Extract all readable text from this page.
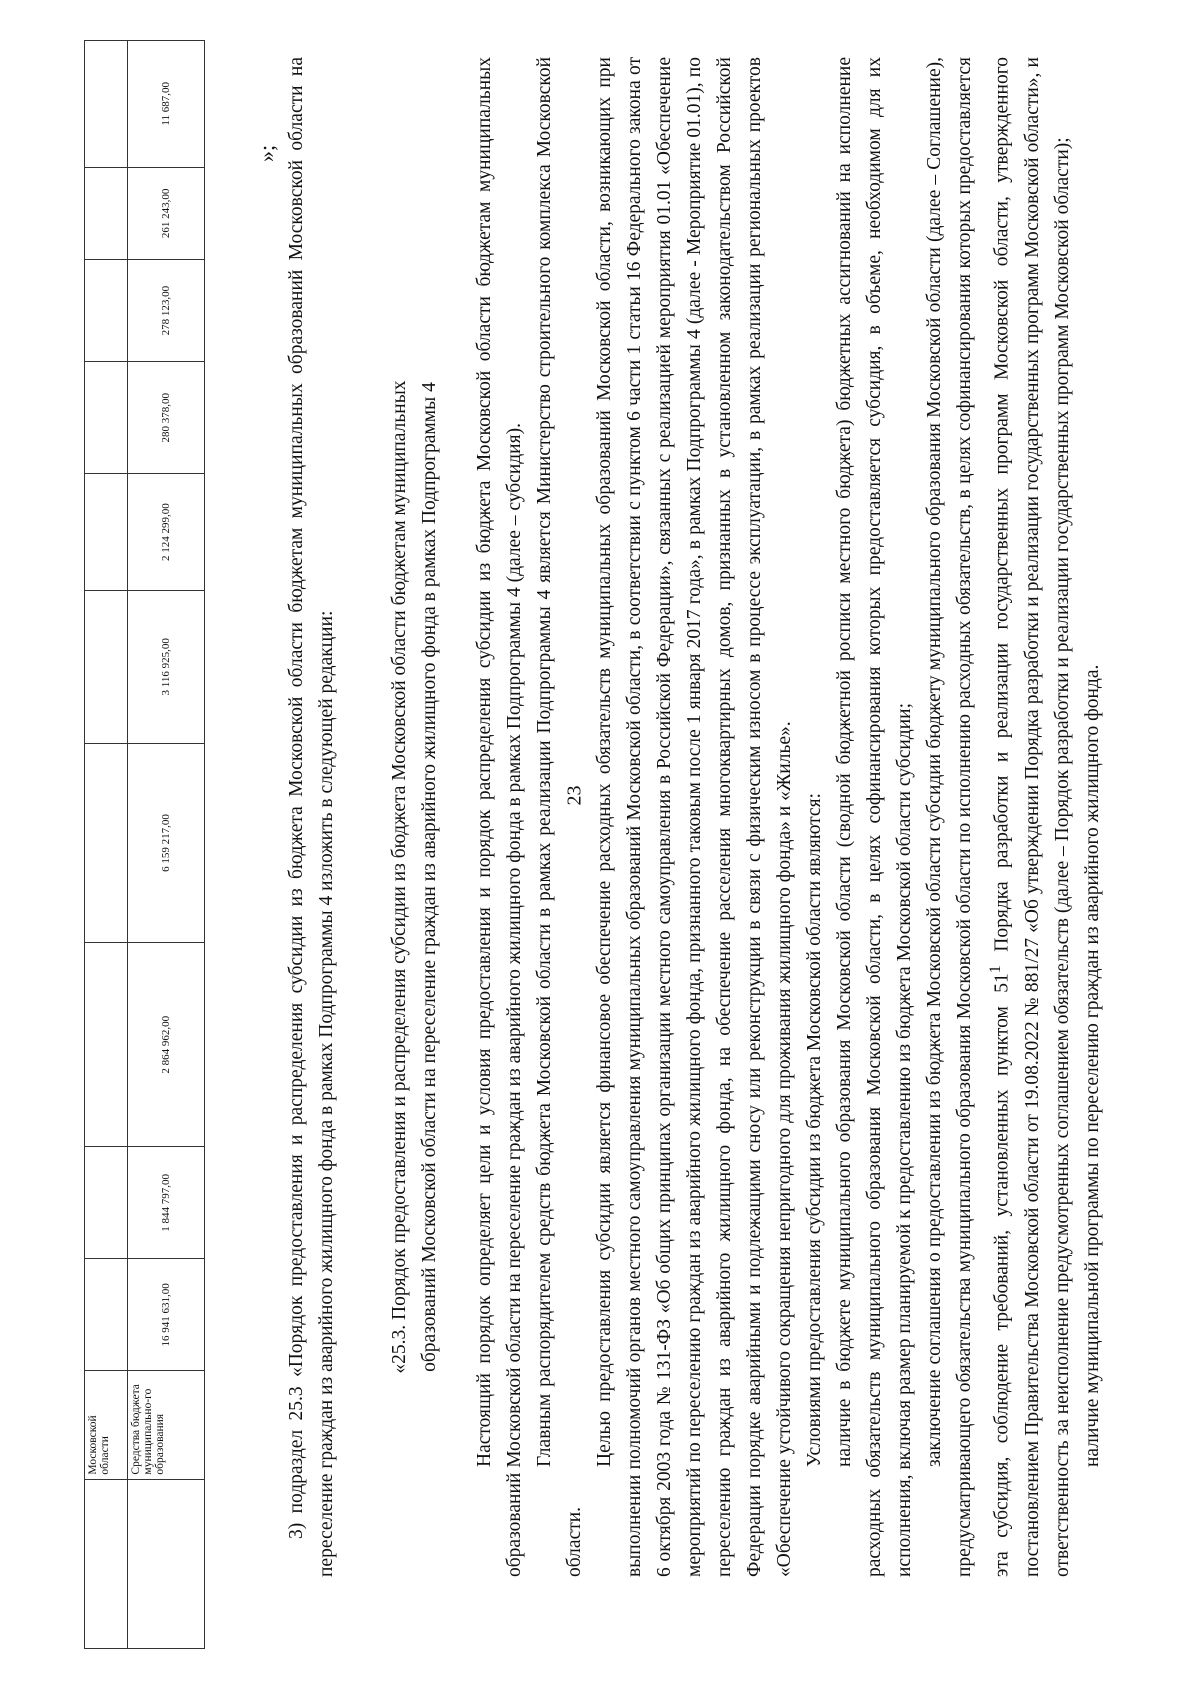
23
	Московской области										
	Средства бюджета муниципально-го образования	16 941 631,00	1 844 797,00	2 864 962,00	6 159 217,00	3 116 925,00	2 124 299,00	280 378,00	278 123,00	261 243,00	11 687,00
»; 3) подраздел 25.3 «Порядок предоставления и распределения субсидии из бюджета Московской области бюджетам муниципальных образований Московской области на переселение граждан из аварийного жилищного фонда в рамках Подпрограммы 4 изложить в следующей редакции:	«25.3. Порядок предоставления и распределения субсидии из бюджета Московской области бюджетам муниципальных образований Московской области на переселение граждан из аварийного жилищного фонда в рамках Подпрограммы 4 Настоящий порядок определяет цели и условия предоставления и порядок распределения субсидии из бюджета Московской области бюджетам муниципальных образований Московской области на переселение граждан из аварийного жилищного фонда в рамках Подпрограммы 4 (далее – субсидия). Главным распорядителем средств бюджета Московской области в рамках реализации Подпрограммы 4 является Министерство строительного комплекса Московской области.

Целью предоставления субсидии является финансовое обеспечение расходных обязательств муниципальных образований Московской области, возникающих при выполнении полномочий органов местного самоуправления муниципальных образований Московской области, в соответствии с пунктом 6 части 1 статьи 16 Федерального закона от 6 октября 2003 года № 131-ФЗ «Об общих принципах организации местного самоуправления в Российской Федерации», связанных с реализацией мероприятия 01.01 «Обеспечение мероприятий по переселению граждан из аварийного жилищного фонда, признанного таковым после 1 января 2017 года», в рамках Подпрограммы 4 (далее - Мероприятие 01.01), по переселению граждан из аварийного жилищного фонда, на обеспечение расселения многоквартирных домов, признанных в установленном законодательством Российской Федерации порядке аварийными и подлежащими сносу или реконструкции в связи с физическим износом в процессе эксплуатации, в рамках реализации региональных проектов «Обеспечение устойчивого сокращения непригодного для проживания жилищного фонда» и «Жилье». Условиями предоставления субсидии из бюджета Московской области являются: наличие в бюджете муниципального образования Московской области (сводной бюджетной росписи местного бюджета) бюджетных ассигнований на исполнение расходных обязательств муниципального образования Московской области, в целях софинансирования которых предоставляется субсидия, в объеме, необходимом для их исполнения, включая размер планируемой к предоставлению из бюджета Московской области субсидии; заключение соглашения о предоставлении из бюджета Московской области субсидии бюджету муниципального образования Московской области (далее – Соглашение), предусматривающего обязательства муниципального образования Московской области по исполнению расходных обязательств, в целях софинансирования которых предоставляется эта субсидия, соблюдение требований, установленных пунктом $51^1$ Порядка разработки и реализации государственных программ Московской области, утвержденного постановлением Правительства Московской области от 19.08.2022 № 881/27 «Об утверждении Порядка разработки и реализации государственных программ Московской области», и ответственность за неисполнение предусмотренных соглашением обязательств (далее – Порядок разработки и реализации государственных программ Московской области); наличие муниципальной программы по переселению граждан из аварийного жилищного фонда.
